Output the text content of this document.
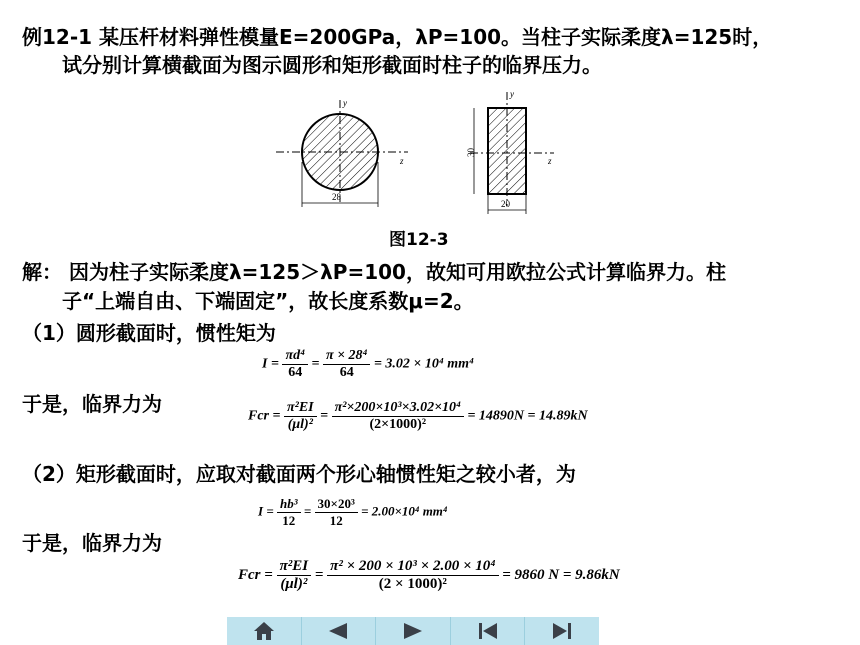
例12-1 某压杆材料弹性模量E=200GPa，λP=100。当柱子实际柔度λ=125时，
试分别计算横截面为图示圆形和矩形截面时柱子的临界压力。
y
z
28
y
z
30
20
图12-3
解： 因为柱子实际柔度λ=125＞λP=100，故知可用欧拉公式计算临界力。柱
子“上端自由、下端固定”，故长度系数μ=2。
（1）圆形截面时，惯性矩为
于是，临界力为
（2）矩形截面时，应取对截面两个形心轴惯性矩之较小者，为
于是，临界力为
$I = \frac{\text{πd⁴}}{64} = \frac{\text{π × 28⁴}}{64} = 3.02 \times 10^4$ mm⁴
Fcr = $\frac{\text{π²EI}}{\text{(μl)²}} = \frac{\text{π²×200×10³×3.02×10⁴}}{\text{(2×1000)²}} = 14890N = 14.89kN$
$I = \frac{\text{hb³}}{12} = \frac{\text{30×20³}}{12} = 2.00\times 10^4$ mm⁴
Fcr = $\frac{\text{π²EI}}{\text{(μl)²}} = \frac{\text{π² × 200 × 10³ × 2.00 × 10⁴}}{\text{(2 × 1000)²}} = 9860$ N = 9.86kN
